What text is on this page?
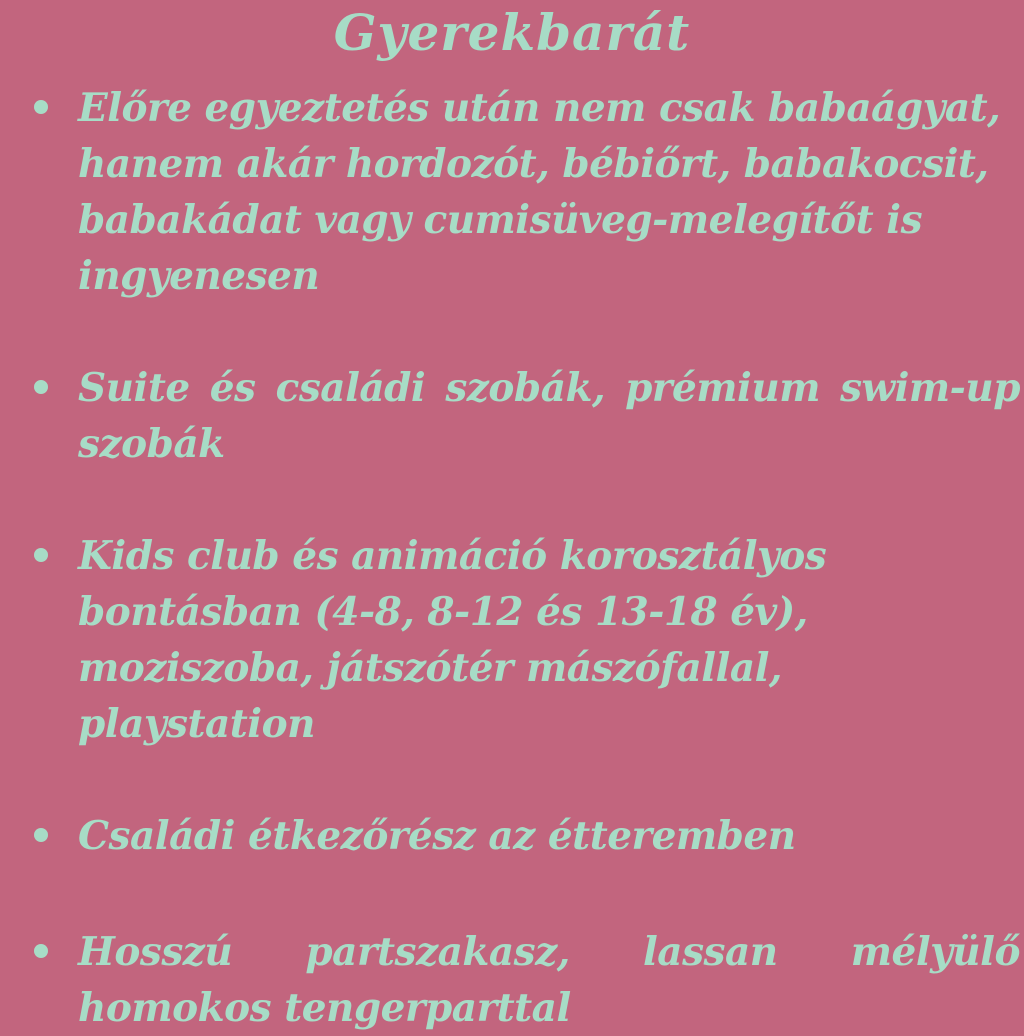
Gyerekbarát
Előre egyeztetés után nem csak babaágyat, hanem akár hordozót, bébiőrt, babakocsit, babakádat vagy cumisüveg-melegítőt is ingyenesen
Suite és családi szobák, prémium swim-up szobák
Kids club és animáció korosztályos bontásban (4-8, 8-12 és 13-18 év), moziszoba, játszótér mászófallal, playstation
Családi étkezőrész az étteremben
Hosszú partszakasz, lassan mélyülő homokos tengerparttal
